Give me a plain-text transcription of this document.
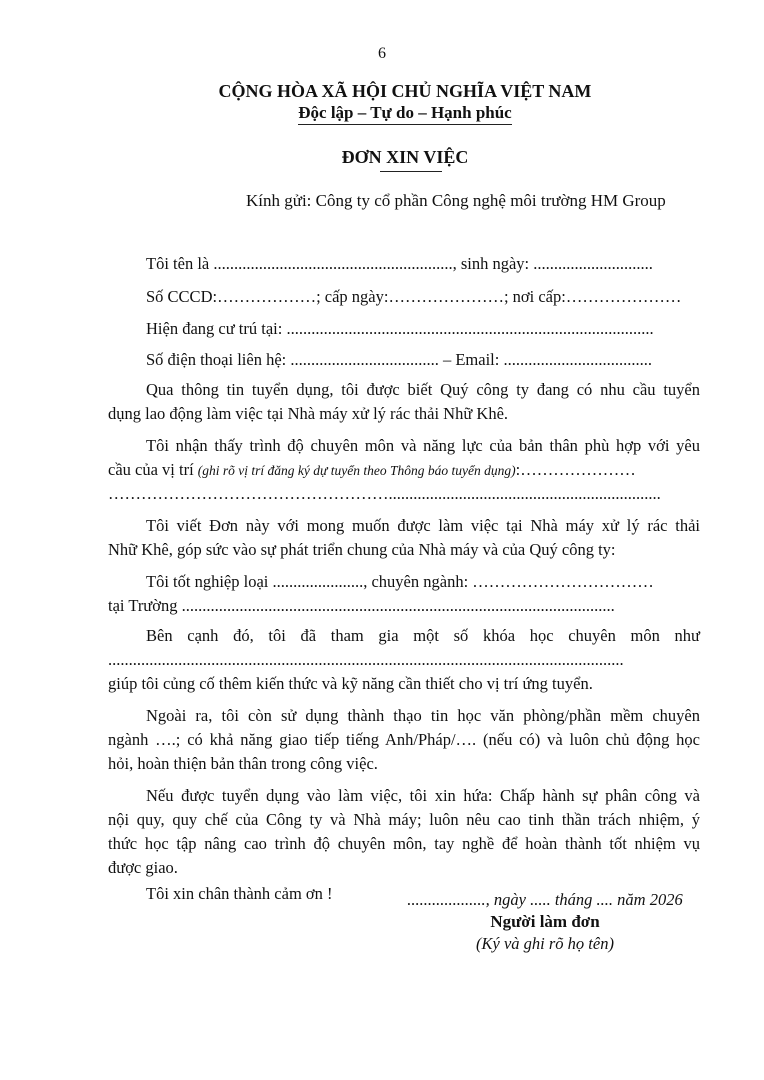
6
CỘNG HÒA XÃ HỘI CHỦ NGHĨA VIỆT NAM
Độc lập – Tự do – Hạnh phúc
ĐƠN XIN VIỆC
Kính gửi: Công ty cổ phần Công nghệ môi trường HM Group
Tôi tên là .........................................................., sinh ngày: .............................
Số CCCD:………………; cấp ngày:…………………; nơi cấp:…………………
Hiện đang cư trú tại: .........................................................................................
Số điện thoại liên hệ: .................................... – Email: ....................................
Qua thông tin tuyển dụng, tôi được biết Quý công ty đang có nhu cầu tuyển
dụng lao động làm việc tại Nhà máy xử lý rác thải Nhữ Khê.
Tôi nhận thấy trình độ chuyên môn và năng lực của bản thân phù hợp với yêu
cầu của vị trí (ghi rõ vị trí đăng ký dự tuyển theo Thông báo tuyển dụng):…………………
……………………………………………..................................................................
Tôi viết Đơn này với mong muốn được làm việc tại Nhà máy xử lý rác thải
Nhữ Khê, góp sức vào sự phát triển chung của Nhà máy và của Quý công ty:
Tôi tốt nghiệp loại ......................, chuyên ngành: ……………………………
tại Trường .........................................................................................................
Bên cạnh đó, tôi đã tham gia một số khóa học chuyên môn như
.............................................................................................................................
giúp tôi củng cố thêm kiến thức và kỹ năng cần thiết cho vị trí ứng tuyển.
Ngoài ra, tôi còn sử dụng thành thạo tin học văn phòng/phần mềm chuyên
ngành ….; có khả năng giao tiếp tiếng Anh/Pháp/…. (nếu có) và luôn chủ động học
hỏi, hoàn thiện bản thân trong công việc.
Nếu được tuyển dụng vào làm việc, tôi xin hứa: Chấp hành sự phân công và
nội quy, quy chế của Công ty và Nhà máy; luôn nêu cao tinh thần trách nhiệm, ý
thức học tập nâng cao trình độ chuyên môn, tay nghề để hoàn thành tốt nhiệm vụ
được giao.
Tôi xin chân thành cảm ơn !	..................., ngày ..... tháng .... năm 2026
Người làm đơn
(Ký và ghi rõ họ tên)
